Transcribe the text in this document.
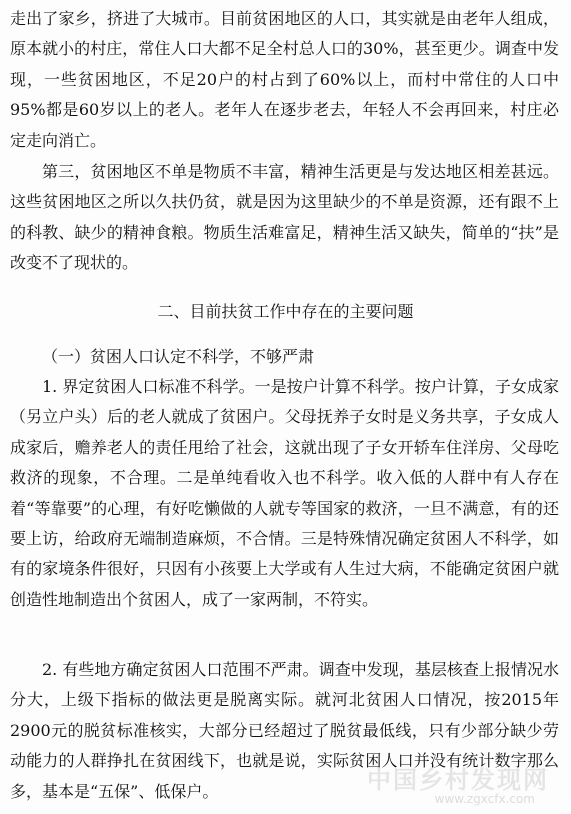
走出了家乡，挤进了大城市。目前贫困地区的人口，其实就是由老年人组成，原本就小的村庄，常住人口大都不足全村总人口的30%，甚至更少。调查中发现，一些贫困地区，不足20户的村占到了60%以上，而村中常住的人口中95%都是60岁以上的老人。老年人在逐步老去，年轻人不会再回来，村庄必定走向消亡。

第三，贫困地区不单是物质不丰富，精神生活更是与发达地区相差甚远。这些贫困地区之所以久扶仍贫，就是因为这里缺少的不单是资源，还有跟不上的科教、缺少的精神食粮。物质生活难富足，精神生活又缺失，简单的“扶”是改变不了现状的。

二、目前扶贫工作中存在的主要问题
（一）贫困人口认定不科学，不够严肃

1. 界定贫困人口标准不科学。一是按户计算不科学。按户计算，子女成家（另立户头）后的老人就成了贫困户。父母抚养子女时是义务共享，子女成人成家后，赡养老人的责任甩给了社会，这就出现了子女开轿车住洋房、父母吃救济的现象，不合理。二是单纯看收入也不科学。收入低的人群中有人存在着“等靠要”的心理，有好吃懒做的人就专等国家的救济，一旦不满意，有的还要上访，给政府无端制造麻烦，不合情。三是特殊情况确定贫困人不科学，如有的家境条件很好，只因有小孩要上大学或有人生过大病，不能确定贫困户就创造性地制造出个贫困人，成了一家两制，不符实。

2. 有些地方确定贫困人口范围不严肃。调查中发现，基层核查上报情况水分大，上级下指标的做法更是脱离实际。就河北贫困人口情况，按2015年2900元的脱贫标准核实，大部分已经超过了脱贫最低线，只有少部分缺少劳动能力的人群挣扎在贫困线下，也就是说，实际贫困人口并没有统计数字那么多，基本是“五保”、低保户。	中国乡村发现网
www.zgxcfx.com
